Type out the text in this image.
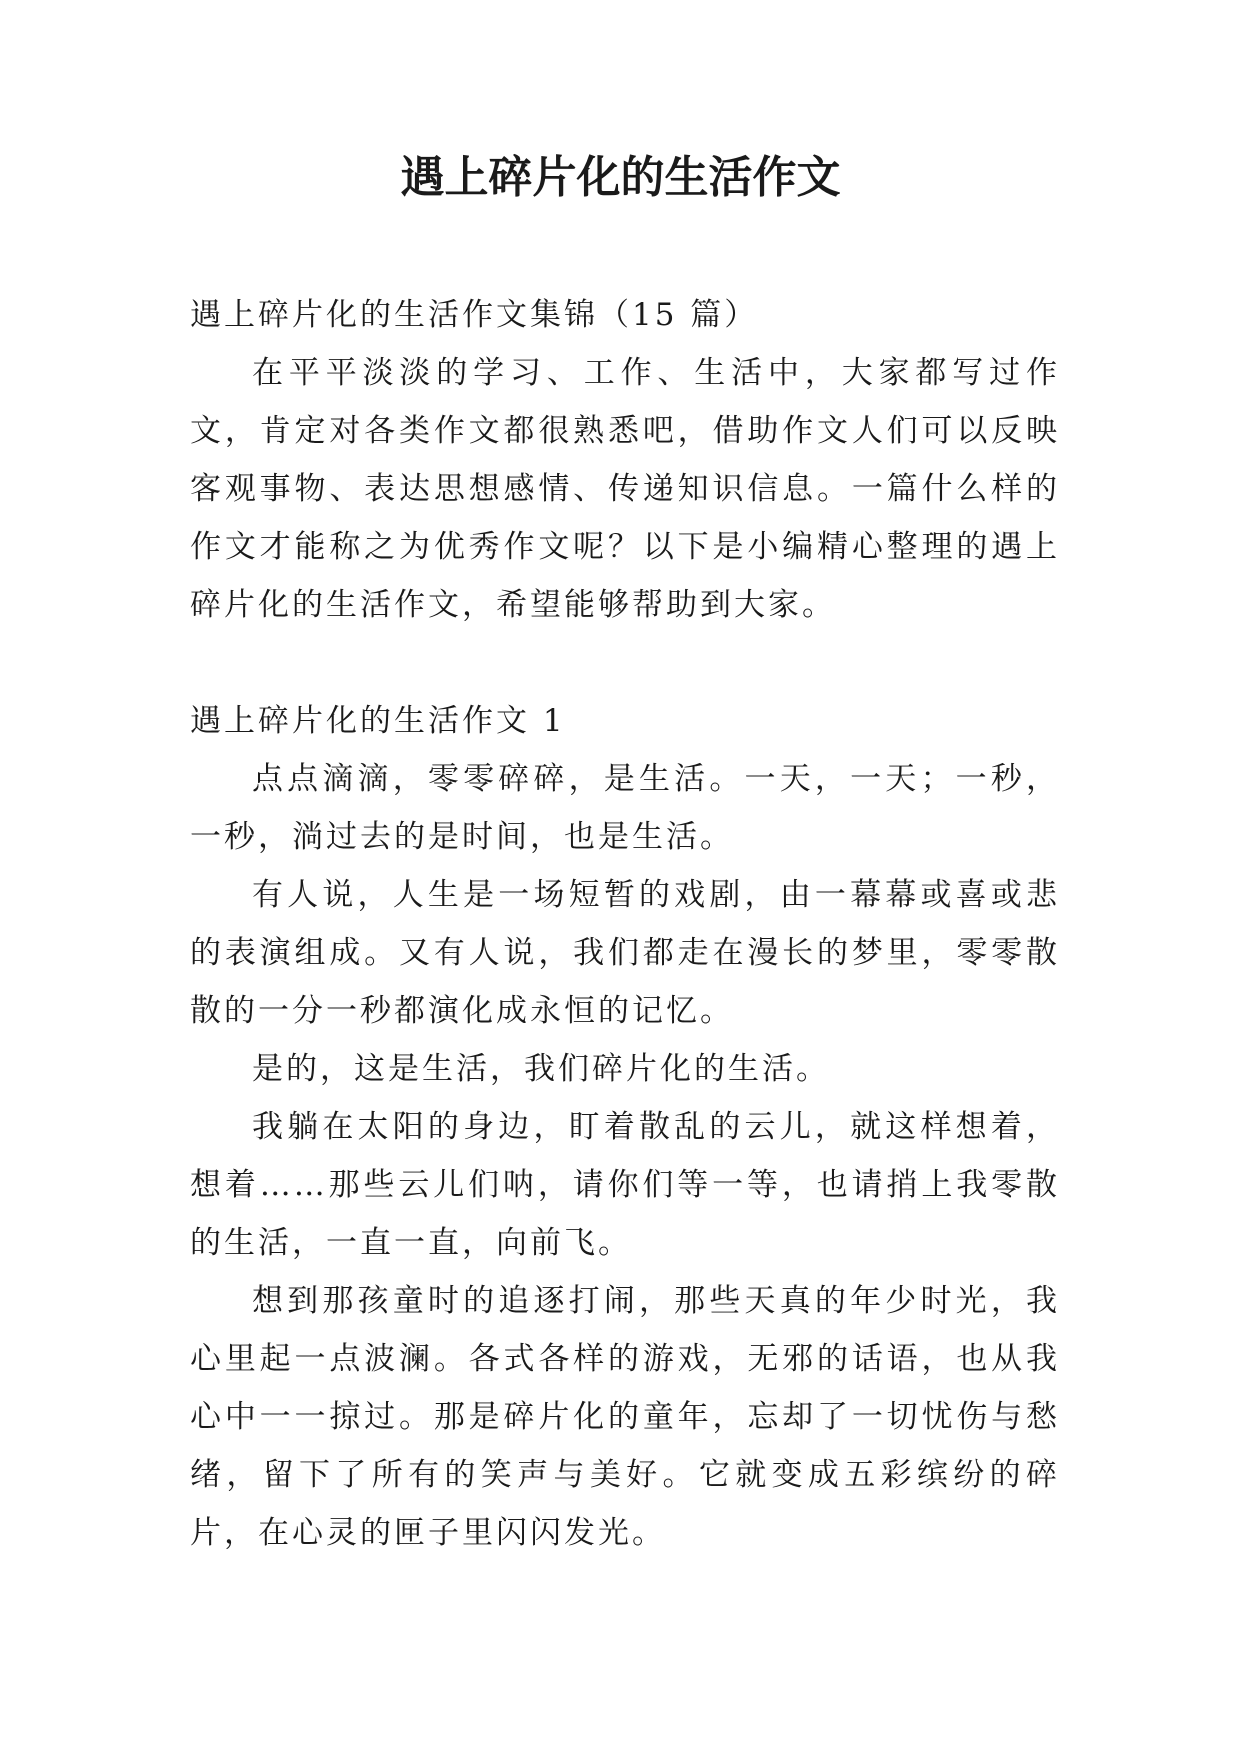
遇上碎片化的生活作文

遇上碎片化的生活作文集锦（15 篇）

在平平淡淡的学习、工作、生活中，大家都写过作文，肯定对各类作文都很熟悉吧，借助作文人们可以反映客观事物、表达思想感情、传递知识信息。一篇什么样的作文才能称之为优秀作文呢？以下是小编精心整理的遇上碎片化的生活作文，希望能够帮助到大家。

遇上碎片化的生活作文 1

点点滴滴，零零碎碎，是生活。一天，一天；一秒，一秒，淌过去的是时间，也是生活。

有人说，人生是一场短暂的戏剧，由一幕幕或喜或悲的表演组成。又有人说，我们都走在漫长的梦里，零零散散的一分一秒都演化成永恒的记忆。

是的，这是生活，我们碎片化的生活。

我躺在太阳的身边，盯着散乱的云儿，就这样想着，想着……那些云儿们呐，请你们等一等，也请捎上我零散的生活，一直一直，向前飞。

想到那孩童时的追逐打闹，那些天真的年少时光，我心里起一点波澜。各式各样的游戏，无邪的话语，也从我心中一一掠过。那是碎片化的童年，忘却了一切忧伤与愁绪，留下了所有的笑声与美好。它就变成五彩缤纷的碎片，在心灵的匣子里闪闪发光。
